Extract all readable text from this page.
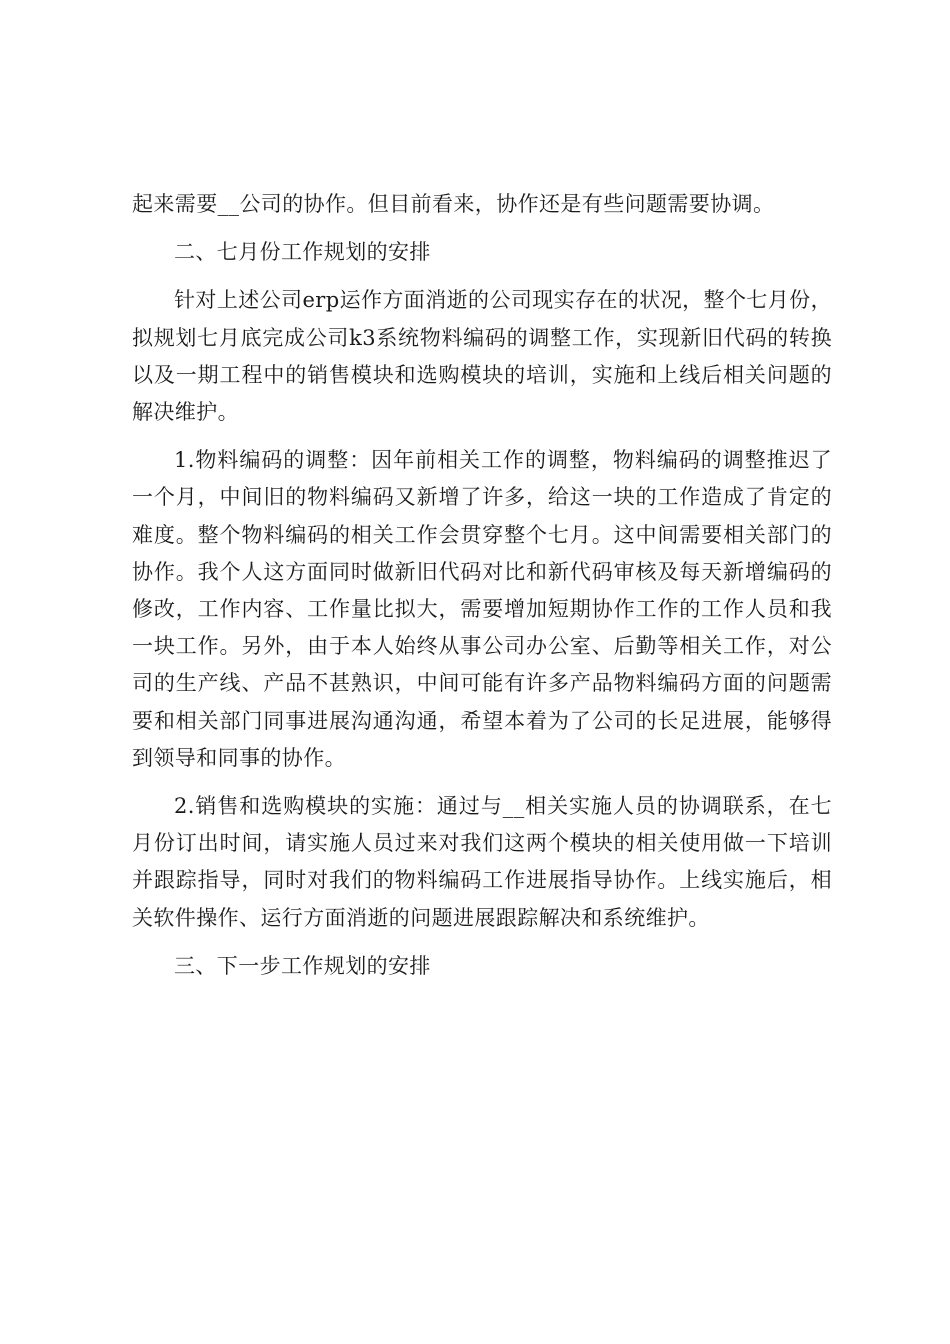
起来需要__公司的协作。但目前看来，协作还是有些问题需要协调。

二、七月份工作规划的安排

针对上述公司erp运作方面消逝的公司现实存在的状况，整个七月份，拟规划七月底完成公司k3系统物料编码的调整工作，实现新旧代码的转换以及一期工程中的销售模块和选购模块的培训，实施和上线后相关问题的解决维护。

1.物料编码的调整：因年前相关工作的调整，物料编码的调整推迟了一个月，中间旧的物料编码又新增了许多，给这一块的工作造成了肯定的难度。整个物料编码的相关工作会贯穿整个七月。这中间需要相关部门的协作。我个人这方面同时做新旧代码对比和新代码审核及每天新增编码的修改，工作内容、工作量比拟大，需要增加短期协作工作的工作人员和我一块工作。另外，由于本人始终从事公司办公室、后勤等相关工作，对公司的生产线、产品不甚熟识，中间可能有许多产品物料编码方面的问题需要和相关部门同事进展沟通沟通，希望本着为了公司的长足进展，能够得到领导和同事的协作。

2.销售和选购模块的实施：通过与__相关实施人员的协调联系，在七月份订出时间，请实施人员过来对我们这两个模块的相关使用做一下培训并跟踪指导，同时对我们的物料编码工作进展指导协作。上线实施后，相关软件操作、运行方面消逝的问题进展跟踪解决和系统维护。

三、下一步工作规划的安排
